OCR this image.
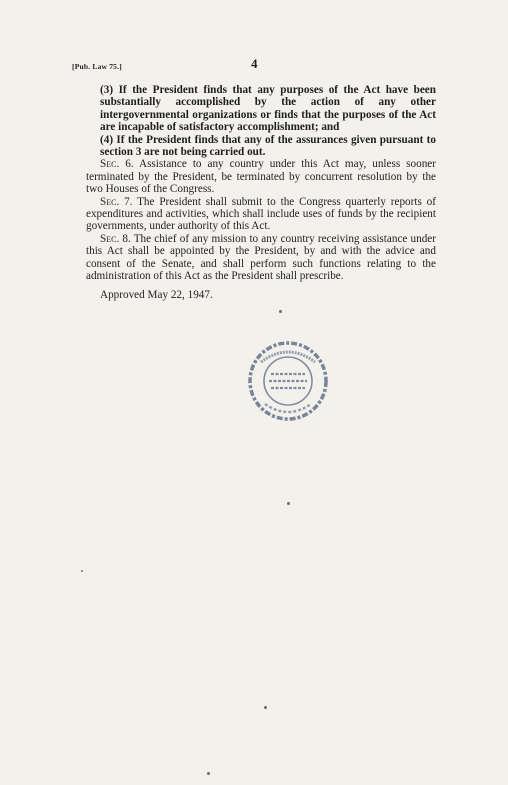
[Pub. Law 75.]	4

(3) If the President finds that any purposes of the Act have been substantially accomplished by the action of any other intergovernmental organizations or finds that the purposes of the Act are incapable of satisfactory accomplishment; and

(4) If the President finds that any of the assurances given pursuant to section 3 are not being carried out.

Sec. 6. Assistance to any country under this Act may, unless sooner terminated by the President, be terminated by concurrent resolution by the two Houses of the Congress.

Sec. 7. The President shall submit to the Congress quarterly reports of expenditures and activities, which shall include uses of funds by the recipient governments, under authority of this Act.

Sec. 8. The chief of any mission to any country receiving assistance under this Act shall be appointed by the President, by and with the advice and consent of the Senate, and shall perform such functions relating to the administration of this Act as the President shall prescribe.

Approved May 22, 1947.
